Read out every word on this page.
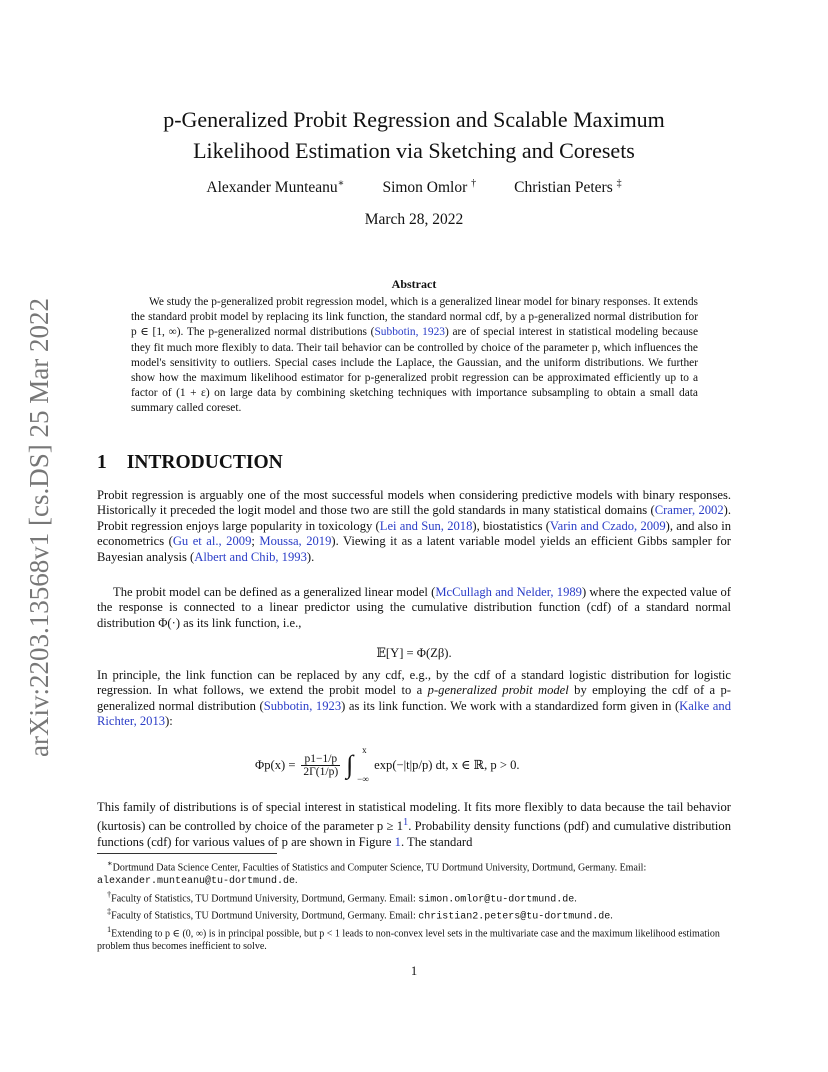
arXiv:2203.13568v1 [cs.DS] 25 Mar 2022
p-Generalized Probit Regression and Scalable Maximum
Likelihood Estimation via Sketching and Coresets
Alexander Munteanu∗ Simon Omlor † Christian Peters ‡
March 28, 2022
Abstract

We study the p-generalized probit regression model, which is a generalized linear model for binary responses. It extends the standard probit model by replacing its link function, the standard normal cdf, by a p-generalized normal distribution for p ∈ [1, ∞). The p-generalized normal distributions (Subbotin, 1923) are of special interest in statistical modeling because they fit much more flexibly to data. Their tail behavior can be controlled by choice of the parameter p, which influences the model's sensitivity to outliers. Special cases include the Laplace, the Gaussian, and the uniform distributions. We further show how the maximum likelihood estimator for p-generalized probit regression can be approximated efficiently up to a factor of (1 + ε) on large data by combining sketching techniques with importance subsampling to obtain a small data summary called coreset.

1 INTRODUCTION

Probit regression is arguably one of the most successful models when considering predictive models with binary responses. Historically it preceded the logit model and those two are still the gold standards in many statistical domains (Cramer, 2002). Probit regression enjoys large popularity in toxicology (Lei and Sun, 2018), biostatistics (Varin and Czado, 2009), and also in econometrics (Gu et al., 2009; Moussa, 2019). Viewing it as a latent variable model yields an efficient Gibbs sampler for Bayesian analysis (Albert and Chib, 1993).

The probit model can be defined as a generalized linear model (McCullagh and Nelder, 1989) where the expected value of the response is connected to a linear predictor using the cumulative distribution function (cdf) of a standard normal distribution Φ(·) as its link function, i.e.,

𝔼[Y] = Φ(Zβ).

In principle, the link function can be replaced by any cdf, e.g., by the cdf of a standard logistic distribution for logistic regression. In what follows, we extend the probit model to a p-generalized probit model by employing the cdf of a p-generalized normal distribution (Subbotin, 1923) as its link function. We work with a standardized form given in (Kalke and Richter, 2013):

$\Phi p(x) = \frac{p1-1/p}{2\Gamma(1/p)}$ ∫ x
−∞
exp(−|t|p/p) dt, x ∈ ℝ, p > 0.

This family of distributions is of special interest in statistical modeling. It fits more flexibly to data because the tail behavior (kurtosis) can be controlled by choice of the parameter $p \ge 1^1$. Probability density functions (pdf) and cumulative distribution functions (cdf) for various values of p are shown in Figure 1. The standard

∗Dortmund Data Science Center, Faculties of Statistics and Computer Science, TU Dortmund University, Dortmund, Germany. Email: alexander.munteanu@tu-dortmund.de.

†Faculty of Statistics, TU Dortmund University, Dortmund, Germany. Email: simon.omlor@tu-dortmund.de.

‡Faculty of Statistics, TU Dortmund University, Dortmund, Germany. Email: christian2.peters@tu-dortmund.de.

$^1$Extending to p ∈ (0, ∞) is in principal possible, but p < 1 leads to non-convex level sets in the multivariate case and the maximum likelihood estimation problem thus becomes inefficient to solve.

1
